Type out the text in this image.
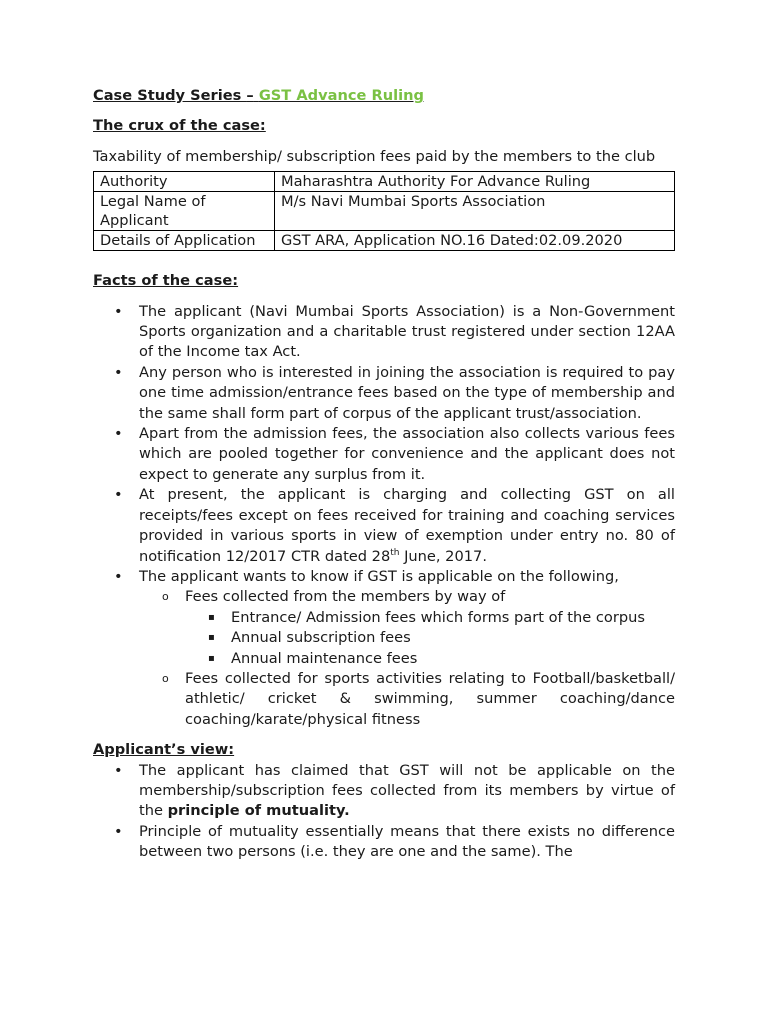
Case Study Series – GST Advance Ruling

The crux of the case:

Taxability of membership/ subscription fees paid by the members to the club

Authority	Maharashtra Authority For Advance Ruling
Legal Name of Applicant	M/s Navi Mumbai Sports Association
Details of Application	GST ARA, Application NO.16 Dated:02.09.2020

Facts of the case:

• The applicant (Navi Mumbai Sports Association) is a Non-Government Sports organization and a charitable trust registered under section 12AA of the Income tax Act.
• Any person who is interested in joining the association is required to pay one time admission/entrance fees based on the type of membership and the same shall form part of corpus of the applicant trust/association.
• Apart from the admission fees, the association also collects various fees which are pooled together for convenience and the applicant does not expect to generate any surplus from it.
• At present, the applicant is charging and collecting GST on all receipts/fees except on fees received for training and coaching services provided in various sports in view of exemption under entry no. 80 of notification 12/2017 CTR dated 28th June, 2017.
• The applicant wants to know if GST is applicable on the following,
o Fees collected from the members by way of
▪ Entrance/ Admission fees which forms part of the corpus
▪ Annual subscription fees
▪ Annual maintenance fees
o Fees collected for sports activities relating to Football/basketball/ athletic/ cricket & swimming, summer coaching/dance coaching/karate/physical fitness

Applicant’s view:

• The applicant has claimed that GST will not be applicable on the membership/subscription fees collected from its members by virtue of the principle of mutuality.
• Principle of mutuality essentially means that there exists no difference between two persons (i.e. they are one and the same). The
